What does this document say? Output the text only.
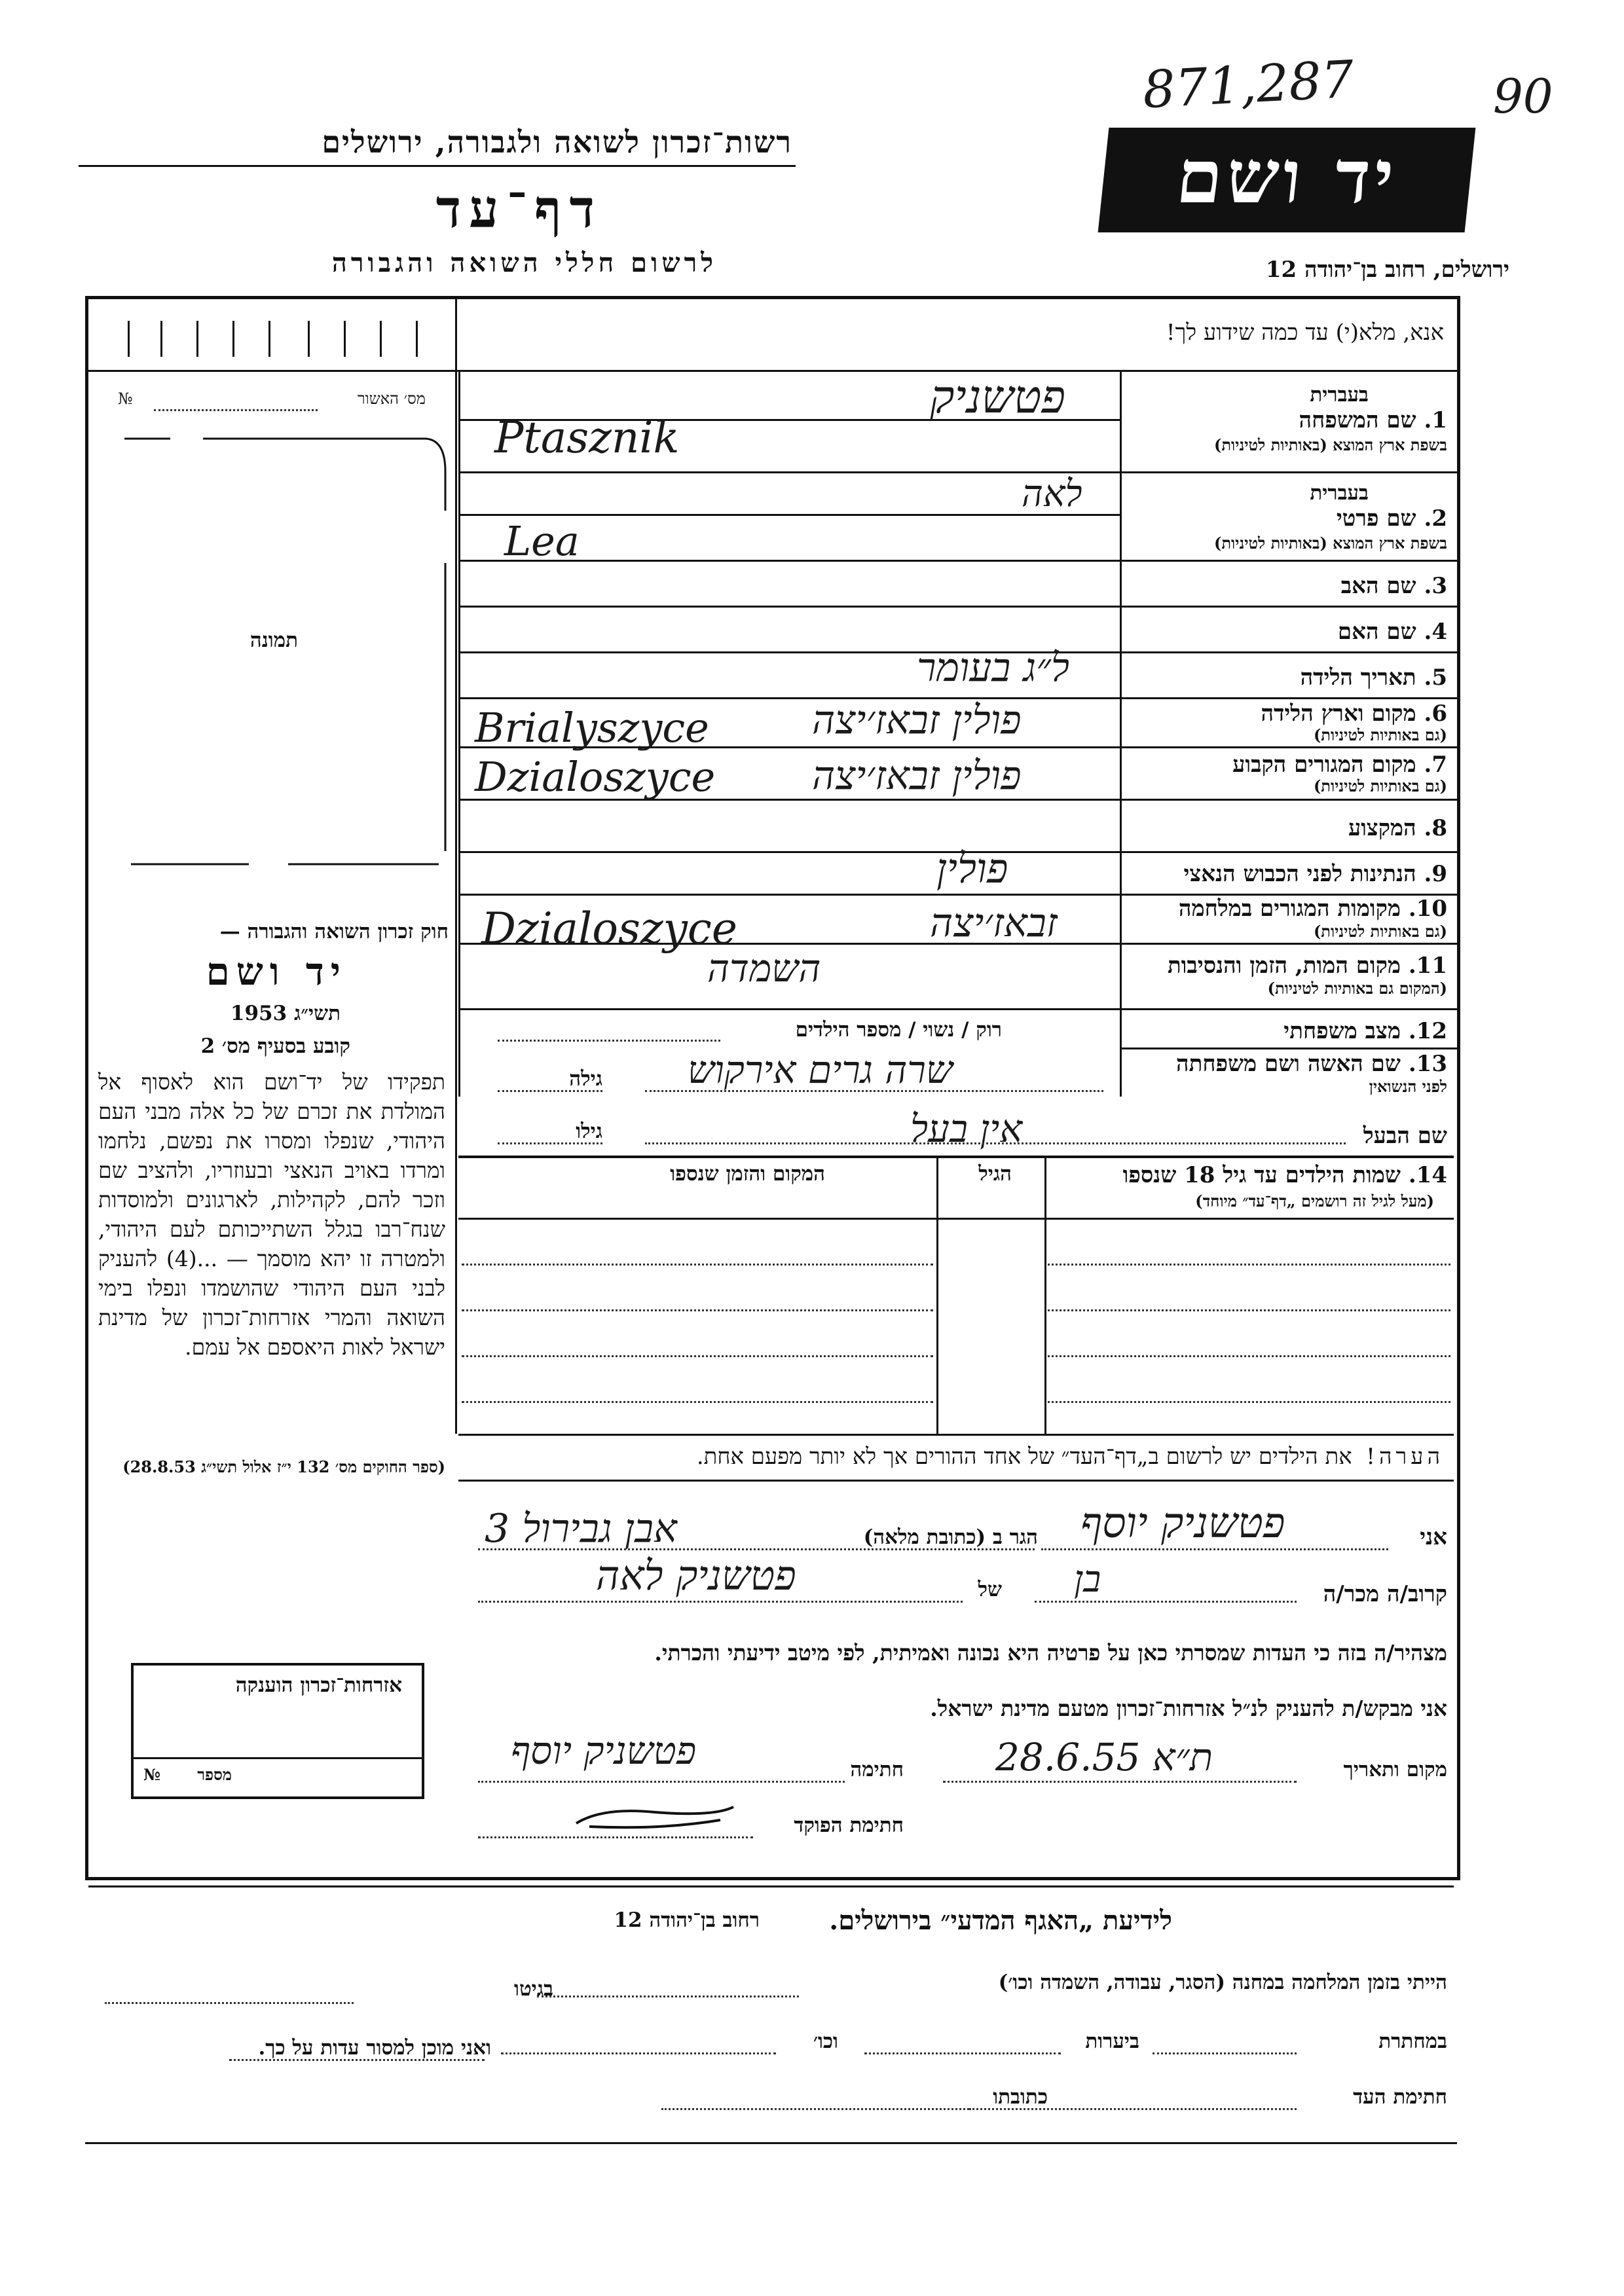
871,287	90
רשות־זכרון לשואה ולגבורה, ירושלים
דף־עד
לרשום חללי השואה והגבורה
יד ושם
ירושלים, רחוב בן־יהודה 12
אנא, מלא(י) עד כמה שידוע לך!
מס׳ האשור
№
תמונה
בעברית
1. שם המשפחה
בשפת ארץ המוצא (באותיות לטיניות)
פטשניק
Ptasznik
בעברית
2. שם פרטי
בשפת ארץ המוצא (באותיות לטיניות)
לאה
Lea
3. שם האב
4. שם האם
5. תאריך הלידה
ל״ג בעומר
6. מקום וארץ הלידה
(גם באותיות לטיניות)
פולין זבאז׳יצה
Brialyszyce
7. מקום המגורים הקבוע
(גם באותיות לטיניות)
פולין זבאז׳יצה
Dzialoszyce
8. המקצוע
9. הנתינות לפני הכבוש הנאצי
פולין
10. מקומות המגורים במלחמה
(גם באותיות לטיניות)
זבאז׳יצה
Dzialoszyce
11. מקום המות, הזמן והנסיבות
(המקום גם באותיות לטיניות)
השמדה
12. מצב משפחתי
רוק / נשוי / מספר הילדים
13. שם האשה ושם משפחתה
לפני הנשואין
שרה גרים אירקוש
גילה
שם הבעל
אין בעל
גילו
14. שמות הילדים עד גיל 18 שנספו
(מעל לגיל זה רושמים „דף־עד״ מיוחד)
הגיל
המקום והזמן שנספו
חוק זכרון השואה והגבורה —
יד ושם
תשי״ג 1953
קובע בסעיף מס׳ 2
תפקידו של יד־ושם הוא לאסוף אל המולדת את זכרם של כל אלה מבני העם היהודי, שנפלו ומסרו את נפשם, נלחמו ומרדו באויב הנאצי ובעוזריו, ולהציב שם וזכר להם, לקהילות, לארגונים ולמוסדות שנח־רבו בגלל השתייכותם לעם היהודי, ולמטרה זו יהא מוסמך — ...(4) להעניק לבני העם היהודי שהושמדו ונפלו בימי השואה והמרי אזרחות־זכרון של מדינת ישראל לאות היאספם אל עמם.
(ספר החוקים מס׳ 132 י״ז אלול תשי״ג 28.8.53)	הערה!  את הילדים יש לרשום ב„דף־העד״ של אחד ההורים אך לא יותר מפעם אחת.
אני
פטשניק יוסף
הגר ב (כתובת מלאה)
אבן גבירול 3
קרוב/ה מכר/ה
בן
של
פטשניק לאה
מצהיר/ה בזה כי העדות שמסרתי כאן על פרטיה היא נכונה ואמיתית, לפי מיטב ידיעתי והכרתי.
אני מבקש/ת להעניק לנ״ל אזרחות־זכרון מטעם מדינת ישראל.
מקום ותאריך
ת״א 28.6.55
חתימה
פטשניק יוסף
חתימת הפוקד
אזרחות־זכרון הוענקה
מספר
№
לידיעת „האגף המדעי״ בירושלים.
רחוב בן־יהודה 12
הייתי בזמן המלחמה במחנה (הסגר, עבודה, השמדה וכו׳)
בגיטו
במחתרת
ביערות
וכו׳
ואני מוכן למסור עדות על כך.
חתימת העד
כתובתו
